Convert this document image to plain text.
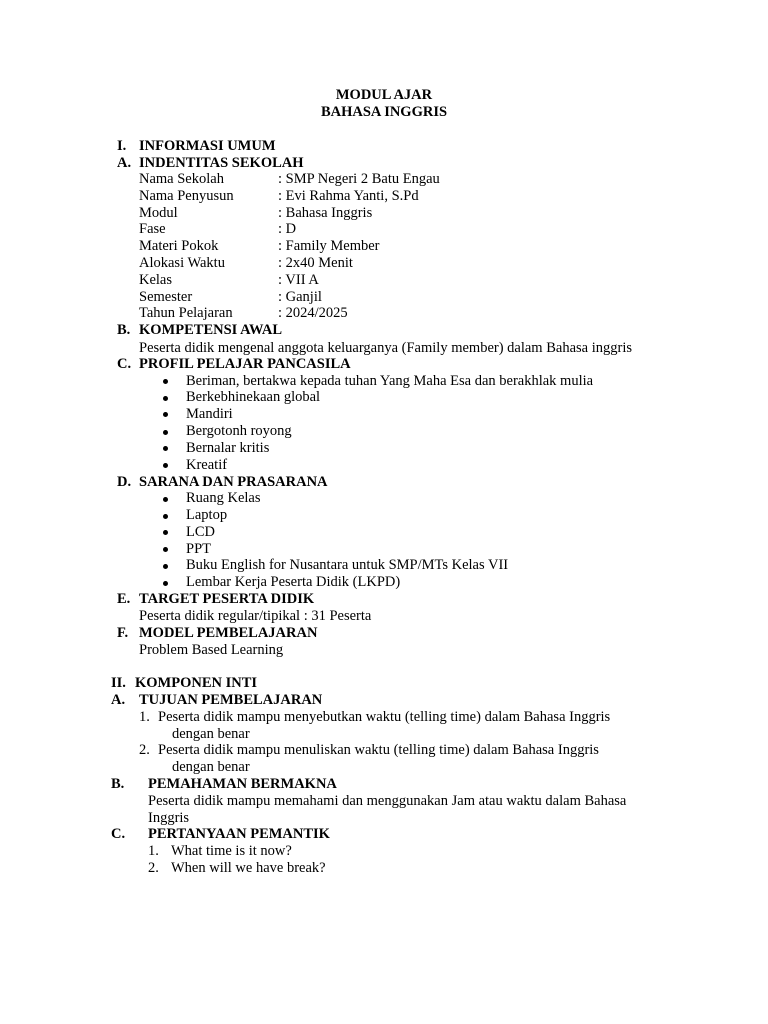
MODUL AJAR
BAHASA INGGRIS
I. INFORMASI UMUM
A. INDENTITAS SEKOLAH
Nama Sekolah	: SMP Negeri 2 Batu Engau
Nama Penyusun	: Evi Rahma Yanti, S.Pd
Modul	: Bahasa Inggris
Fase	: D
Materi Pokok	: Family Member
Alokasi Waktu	: 2x40 Menit
Kelas	: VII A
Semester	: Ganjil
Tahun Pelajaran	: 2024/2025
B. KOMPETENSI AWAL
Peserta didik mengenal anggota keluarganya (Family member) dalam Bahasa inggris
C. PROFIL PELAJAR PANCASILA
Beriman, bertakwa kepada tuhan Yang Maha Esa dan berakhlak mulia
Berkebhinekaan global
Mandiri
Bergotonh royong
Bernalar kritis
Kreatif
D. SARANA DAN PRASARANA
Ruang Kelas
Laptop
LCD
PPT
Buku English for Nusantara untuk SMP/MTs Kelas VII
Lembar Kerja Peserta Didik (LKPD)
E. TARGET PESERTA DIDIK
Peserta didik regular/tipikal : 31 Peserta
F. MODEL PEMBELAJARAN
Problem Based Learning
II. KOMPONEN INTI
A. TUJUAN PEMBELAJARAN
1. Peserta didik mampu menyebutkan waktu (telling time) dalam Bahasa Inggris
dengan benar
2. Peserta didik mampu menuliskan waktu (telling time) dalam Bahasa Inggris
dengan benar
B. PEMAHAMAN BERMAKNA
Peserta didik mampu memahami dan menggunakan Jam atau waktu dalam Bahasa
Inggris
C. PERTANYAAN PEMANTIK
1. What time is it now?
2. When will we have break?
